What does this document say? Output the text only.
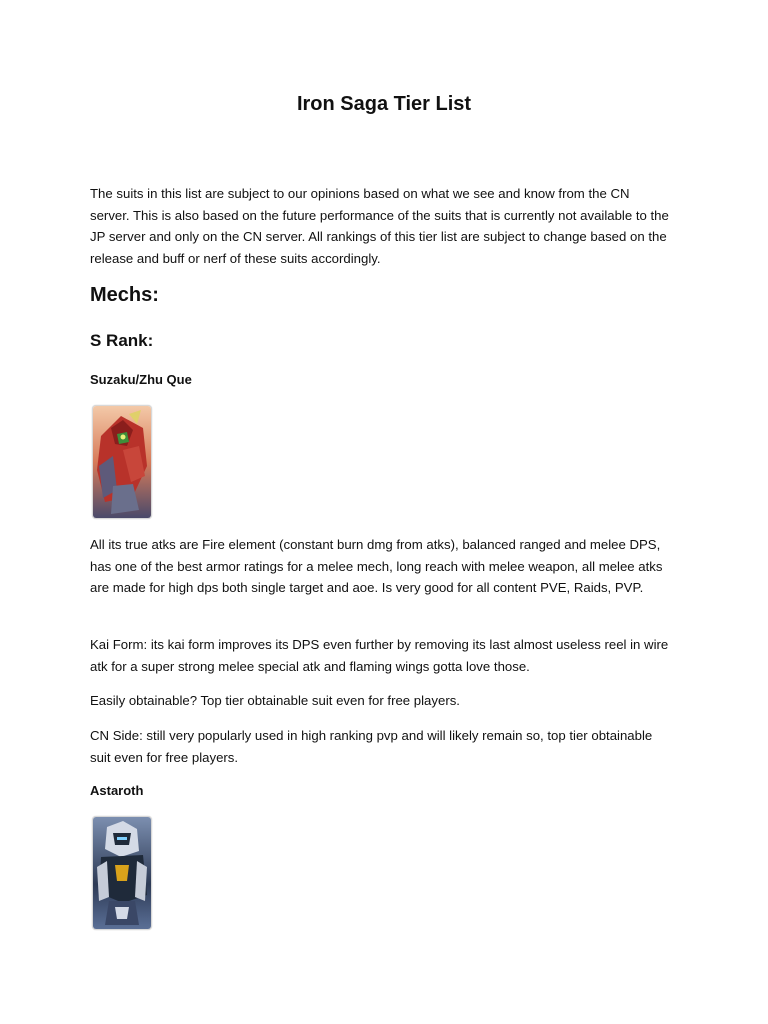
Iron Saga Tier List

The suits in this list are subject to our opinions based on what we see and know from the CN server. This is also based on the future performance of the suits that is currently not available to the JP server and only on the CN server. All rankings of this tier list are subject to change based on the release and buff or nerf of these suits accordingly.

Mechs:
S Rank:

Suzaku/Zhu Que

All its true atks are Fire element (constant burn dmg from atks), balanced ranged and melee DPS, has one of the best armor ratings for a melee mech, long reach with melee weapon, all melee atks are made for high dps both single target and aoe. Is very good for all content PVE, Raids, PVP.

Kai Form: its kai form improves its DPS even further by removing its last almost useless reel in wire atk for a super strong melee special atk and flaming wings gotta love those.

Easily obtainable? Top tier obtainable suit even for free players.

CN Side: still very popularly used in high ranking pvp and will likely remain so, top tier obtainable suit even for free players.

Astaroth
